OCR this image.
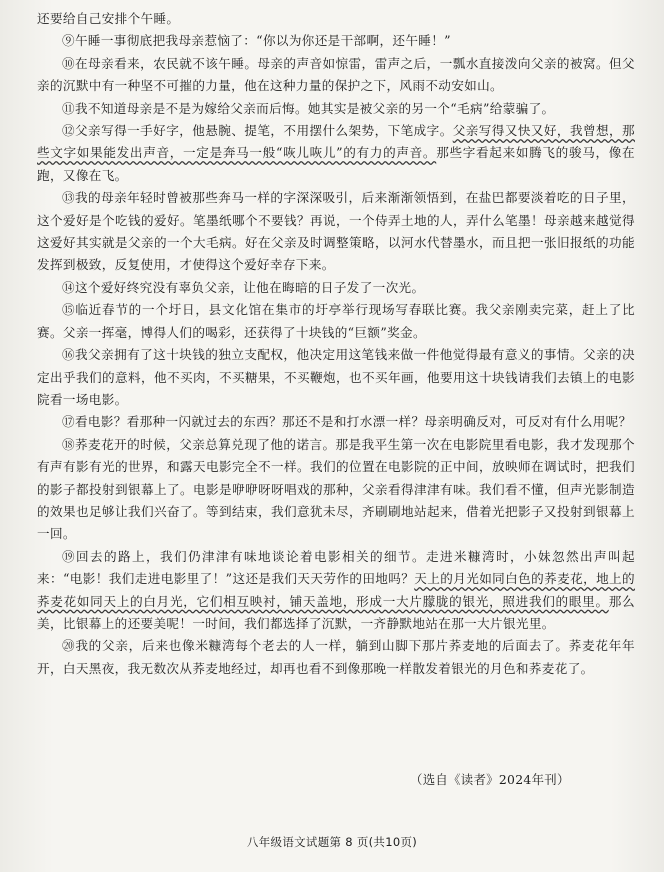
还要给自己安排个午睡。

⑨午睡一事彻底把我母亲惹恼了：“你以为你还是干部啊，还午睡！”

⑩在母亲看来，农民就不该午睡。母亲的声音如惊雷，雷声之后，一瓢水直接泼向父亲的被窝。但父亲的沉默中有一种坚不可摧的力量，他在这种力量的保护之下，风雨不动安如山。

⑪我不知道母亲是不是为嫁给父亲而后悔。她其实是被父亲的另一个“毛病”给蒙骗了。

⑫父亲写得一手好字，他悬腕、提笔，不用摆什么架势，下笔成字。父亲写得又快又好，我曾想，那些文字如果能发出声音，一定是奔马一般“咴儿咴儿”的有力的声音。那些字看起来如腾飞的骏马，像在跑，又像在飞。

⑬我的母亲年轻时曾被那些奔马一样的字深深吸引，后来渐渐领悟到，在盐巴都要淡着吃的日子里，这个爱好是个吃钱的爱好。笔墨纸哪个不要钱？再说，一个侍弄土地的人，弄什么笔墨！母亲越来越觉得这爱好其实就是父亲的一个大毛病。好在父亲及时调整策略，以河水代替墨水，而且把一张旧报纸的功能发挥到极致，反复使用，才使得这个爱好幸存下来。

⑭这个爱好终究没有辜负父亲，让他在晦暗的日子发了一次光。

⑮临近春节的一个圩日，县文化馆在集市的圩亭举行现场写春联比赛。我父亲刚卖完菜，赶上了比赛。父亲一挥毫，博得人们的喝彩，还获得了十块钱的“巨额”奖金。

⑯我父亲拥有了这十块钱的独立支配权，他决定用这笔钱来做一件他觉得最有意义的事情。父亲的决定出乎我们的意料，他不买肉，不买糖果，不买鞭炮，也不买年画，他要用这十块钱请我们去镇上的电影院看一场电影。

⑰看电影？看那种一闪就过去的东西？那还不是和打水漂一样？母亲明确反对，可反对有什么用呢？

⑱荞麦花开的时候，父亲总算兑现了他的诺言。那是我平生第一次在电影院里看电影，我才发现那个有声有影有光的世界，和露天电影完全不一样。我们的位置在电影院的正中间，放映师在调试时，把我们的影子都投射到银幕上了。电影是咿咿呀呀唱戏的那种，父亲看得津津有味。我们看不懂，但声光影制造的效果也足够让我们兴奋了。等到结束，我们意犹未尽，齐刷刷地站起来，借着光把影子又投射到银幕上一回。

⑲回去的路上，我们仍津津有味地谈论着电影相关的细节。走进米糠湾时，小妹忽然出声叫起来：“电影！我们走进电影里了！”这还是我们天天劳作的田地吗？天上的月光如同白色的荞麦花，地上的荞麦花如同天上的白月光，它们相互映衬，铺天盖地，形成一大片朦胧的银光，照进我们的眼里。那么美，比银幕上的还要美呢！一时间，我们都选择了沉默，一齐静默地站在那一大片银光里。

⑳我的父亲，后来也像米糠湾每个老去的人一样，躺到山脚下那片荞麦地的后面去了。荞麦花年年开，白天黑夜，我无数次从荞麦地经过，却再也看不到像那晚一样散发着银光的月色和荞麦花了。

（选自《读者》2024年刊）
八年级语文试题第 8 页(共10页)
